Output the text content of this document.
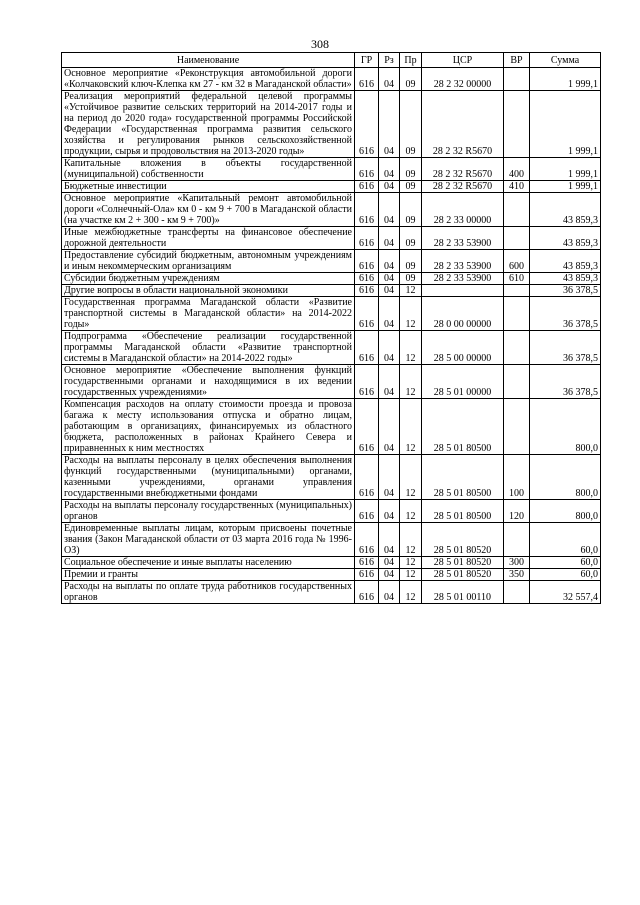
308
Наименование	ГР	Рз	Пр	ЦСР	ВР	Сумма
Основное мероприятие «Реконструкция автомобильной дороги «Колчаковский ключ-Клепка км 27 - км 32 в Магаданской области»	616	04	09	28 2 32 00000		1 999,1
Реализация мероприятий федеральной целевой программы «Устойчивое развитие сельских территорий на 2014-2017 годы и на период до 2020 года» государственной программы Российской Федерации «Государственная программа развития сельского хозяйства и регулирования рынков сельскохозяйственной продукции, сырья и продовольствия на 2013-2020 годы»	616	04	09	28 2 32 R5670		1 999,1
Капитальные вложения в объекты государственной (муниципальной) собственности	616	04	09	28 2 32 R5670	400	1 999,1
Бюджетные инвестиции	616	04	09	28 2 32 R5670	410	1 999,1
Основное мероприятие «Капитальный ремонт автомобильной дороги «Солнечный-Ола» км 0 - км 9 + 700 в Магаданской области (на участке км 2 + 300 - км 9 + 700)»	616	04	09	28 2 33 00000		43 859,3
Иные межбюджетные трансферты на финансовое обеспечение дорожной деятельности	616	04	09	28 2 33 53900		43 859,3
Предоставление субсидий бюджетным, автономным учреждениям и иным некоммерческим организациям	616	04	09	28 2 33 53900	600	43 859,3
Субсидии бюджетным учреждениям	616	04	09	28 2 33 53900	610	43 859,3
Другие вопросы в области национальной экономики	616	04	12			36 378,5
Государственная программа Магаданской области «Развитие транспортной системы в Магаданской области» на 2014-2022 годы»	616	04	12	28 0 00 00000		36 378,5
Подпрограмма «Обеспечение реализации государственной программы Магаданской области «Развитие транспортной системы в Магаданской области» на 2014-2022 годы»	616	04	12	28 5 00 00000		36 378,5
Основное мероприятие «Обеспечение выполнения функций государственными органами и находящимися в их ведении государственных учреждениями»	616	04	12	28 5 01 00000		36 378,5
Компенсация расходов на оплату стоимости проезда и провоза багажа к месту использования отпуска и обратно лицам, работающим в организациях, финансируемых из областного бюджета, расположенных в районах Крайнего Севера и приравненных к ним местностях	616	04	12	28 5 01 80500		800,0
Расходы на выплаты персоналу в целях обеспечения выполнения функций государственными (муниципальными) органами, казенными учреждениями, органами управления государственными внебюджетными фондами	616	04	12	28 5 01 80500	100	800,0
Расходы на выплаты персоналу государственных (муниципальных) органов	616	04	12	28 5 01 80500	120	800,0
Единовременные выплаты лицам, которым присвоены почетные звания (Закон Магаданской области от 03 марта 2016 года № 1996-ОЗ)	616	04	12	28 5 01 80520		60,0
Социальное обеспечение и иные выплаты населению	616	04	12	28 5 01 80520	300	60,0
Премии и гранты	616	04	12	28 5 01 80520	350	60,0
Расходы на выплаты по оплате труда работников государственных органов	616	04	12	28 5 01 00110		32 557,4
